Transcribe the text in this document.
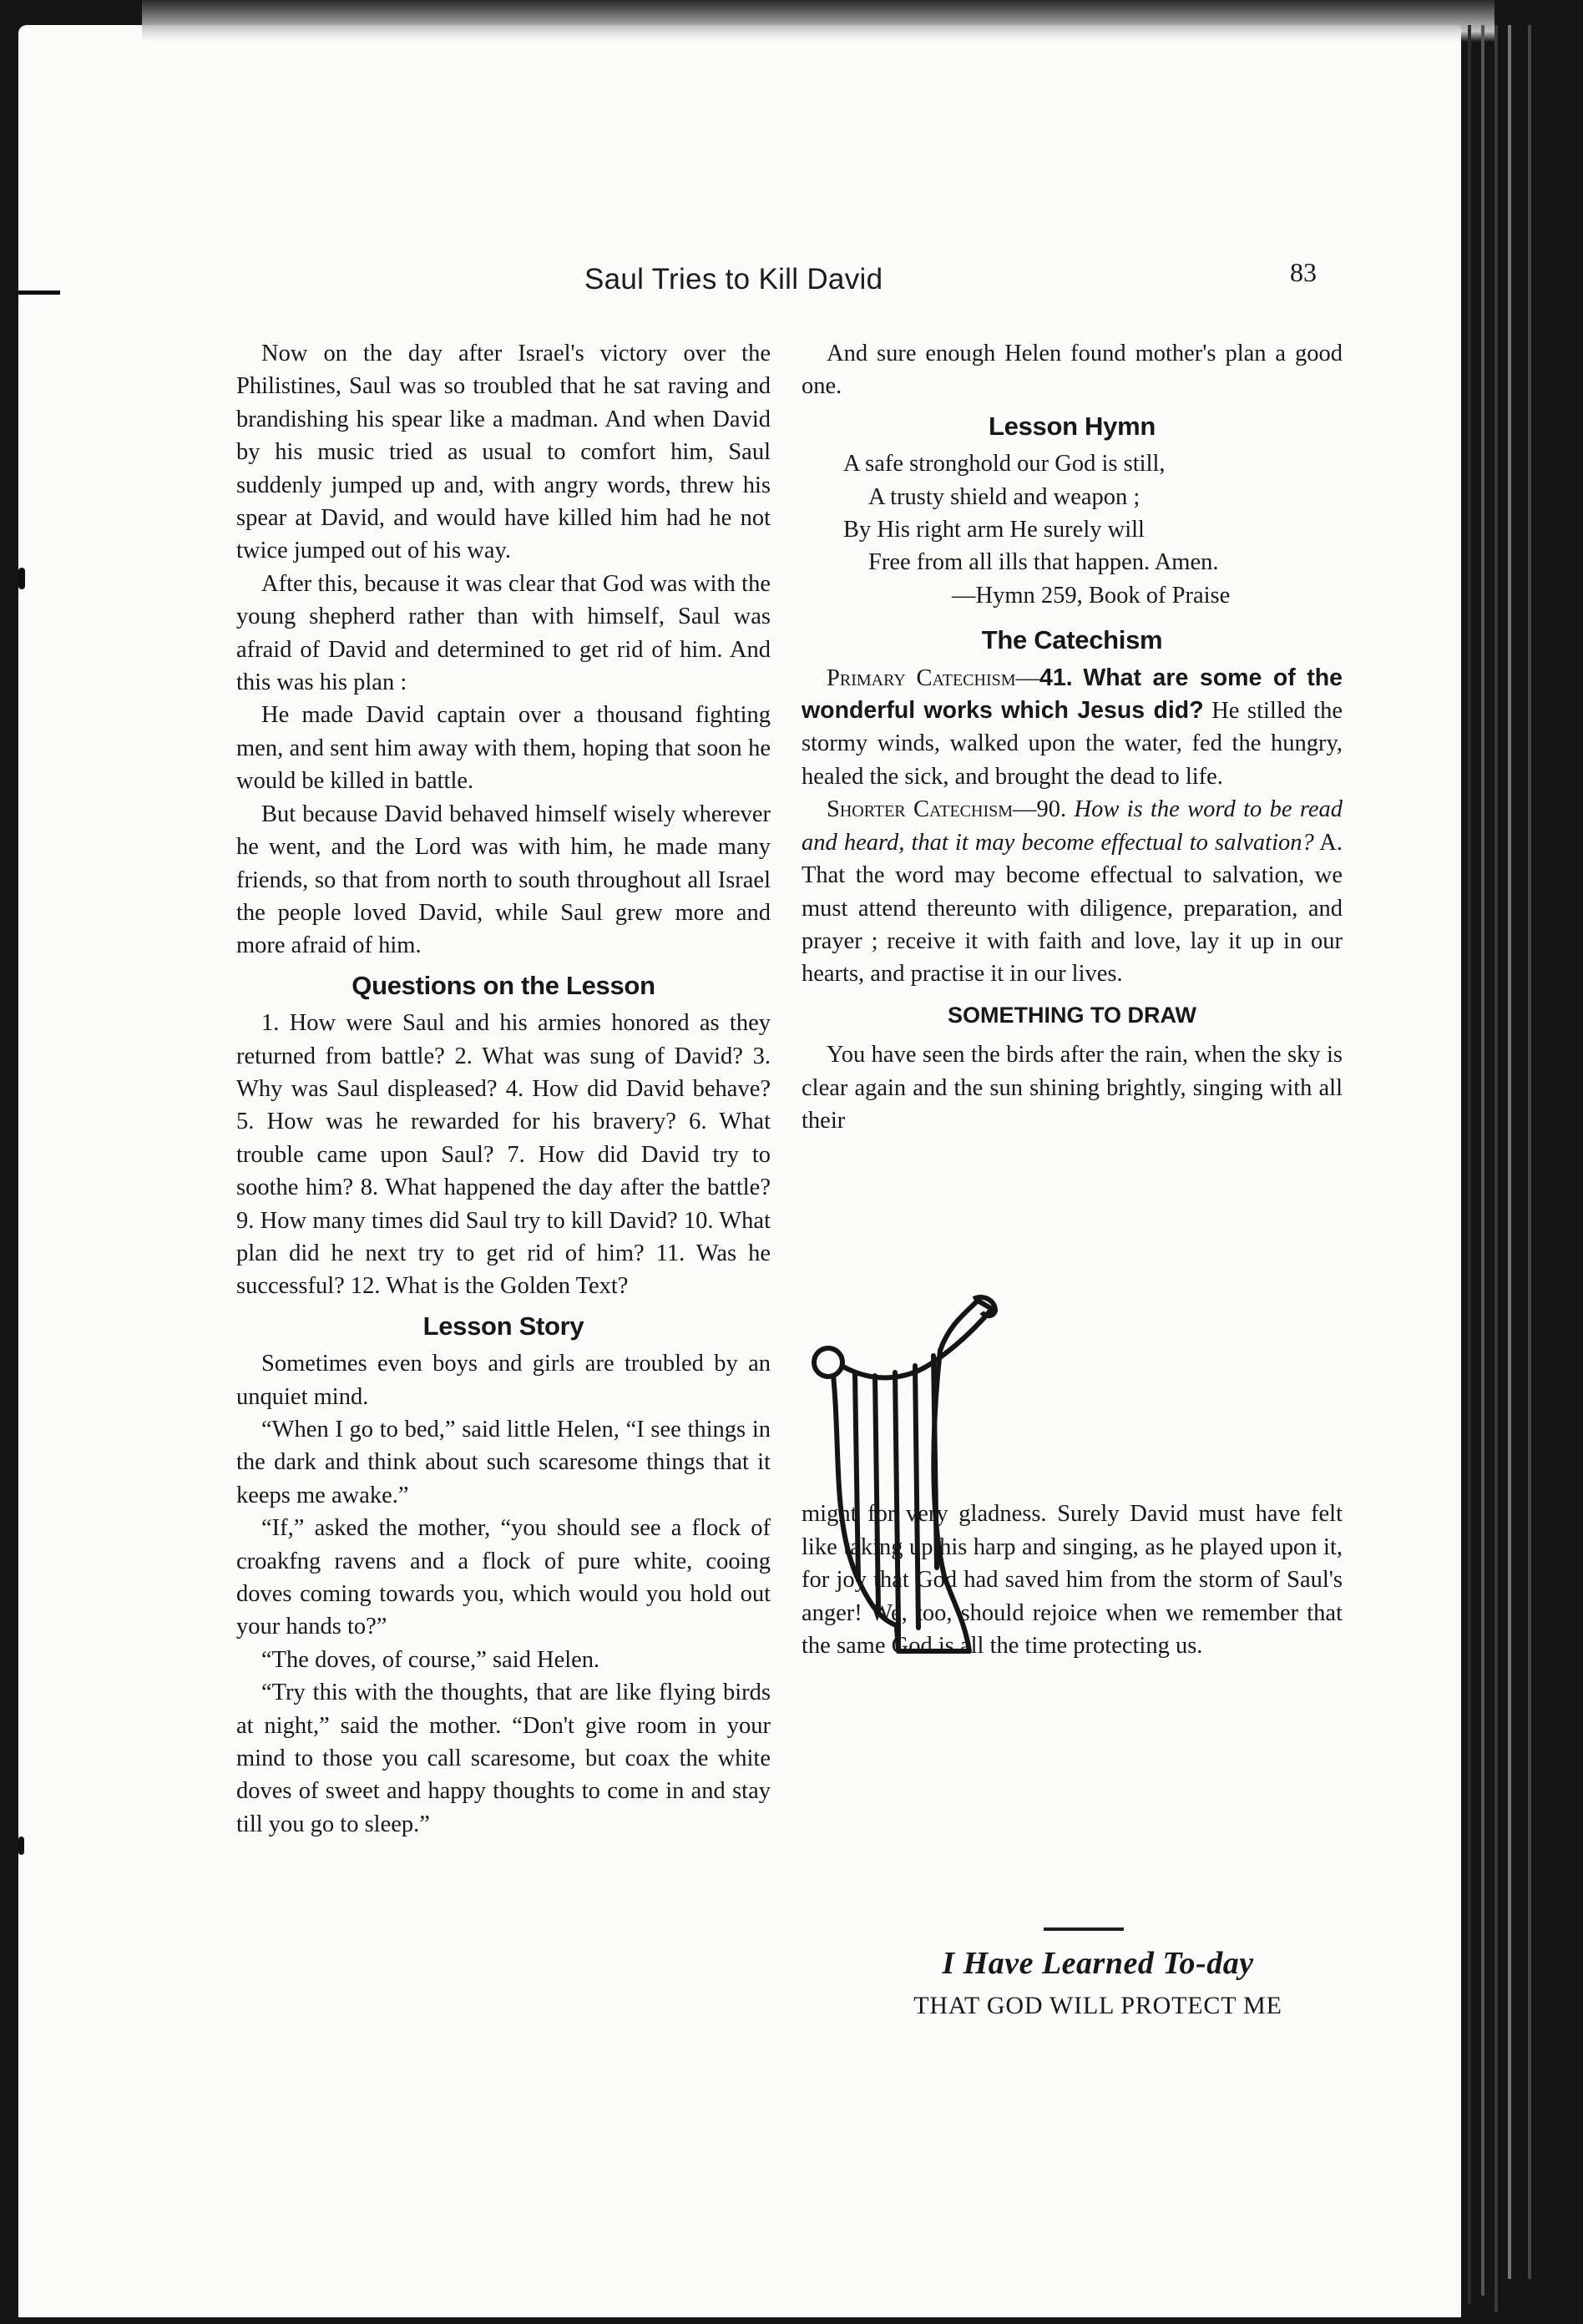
Saul Tries to Kill David	83

Now on the day after Israel's victory over the Philistines, Saul was so troubled that he sat raving and brandishing his spear like a madman. And when David by his music tried as usual to comfort him, Saul suddenly jumped up and, with angry words, threw his spear at David, and would have killed him had he not twice jumped out of his way.

After this, because it was clear that God was with the young shepherd rather than with himself, Saul was afraid of David and determined to get rid of him. And this was his plan :

He made David captain over a thousand fighting men, and sent him away with them, hoping that soon he would be killed in battle.

But because David behaved himself wisely wherever he went, and the Lord was with him, he made many friends, so that from north to south throughout all Israel the people loved David, while Saul grew more and more afraid of him.

Questions on the Lesson

1. How were Saul and his armies honored as they returned from battle? 2. What was sung of David? 3. Why was Saul displeased? 4. How did David behave? 5. How was he rewarded for his bravery? 6. What trouble came upon Saul? 7. How did David try to soothe him? 8. What happened the day after the battle? 9. How many times did Saul try to kill David? 10. What plan did he next try to get rid of him? 11. Was he successful? 12. What is the Golden Text?

Lesson Story

Sometimes even boys and girls are troubled by an unquiet mind.

“When I go to bed,” said little Helen, “I see things in the dark and think about such scaresome things that it keeps me awake.”

“If,” asked the mother, “you should see a flock of croakfng ravens and a flock of pure white, cooing doves coming towards you, which would you hold out your hands to?”

“The doves, of course,” said Helen.

“Try this with the thoughts, that are like flying birds at night,” said the mother. “Don't give room in your mind to those you call scaresome, but coax the white doves of sweet and happy thoughts to come in and stay till you go to sleep.”

And sure enough Helen found mother's plan a good one.

Lesson Hymn
A safe stronghold our God is still,
A trusty shield and weapon ;
By His right arm He surely will
Free from all ills that happen. Amen.
—Hymn 259, Book of Praise
The Catechism

Primary Catechism—41. What are some of the wonderful works which Jesus did? He stilled the stormy winds, walked upon the water, fed the hungry, healed the sick, and brought the dead to life.

Shorter Catechism—90. How is the word to be read and heard, that it may become effectual to salvation? A. That the word may become effectual to salvation, we must attend thereunto with diligence, preparation, and prayer ; receive it with faith and love, lay it up in our hearts, and practise it in our lives.

SOMETHING TO DRAW

You have seen the birds after the rain, when the sky is clear again and the sun shining brightly, singing with all their

might for very gladness. Surely David must have felt like taking up his harp and singing, as he played upon it, for joy that God had saved him from the storm of Saul's anger! We, too, should rejoice when we remember that the same God is all the time protecting us.

I Have Learned To-day
THAT GOD WILL PROTECT ME
